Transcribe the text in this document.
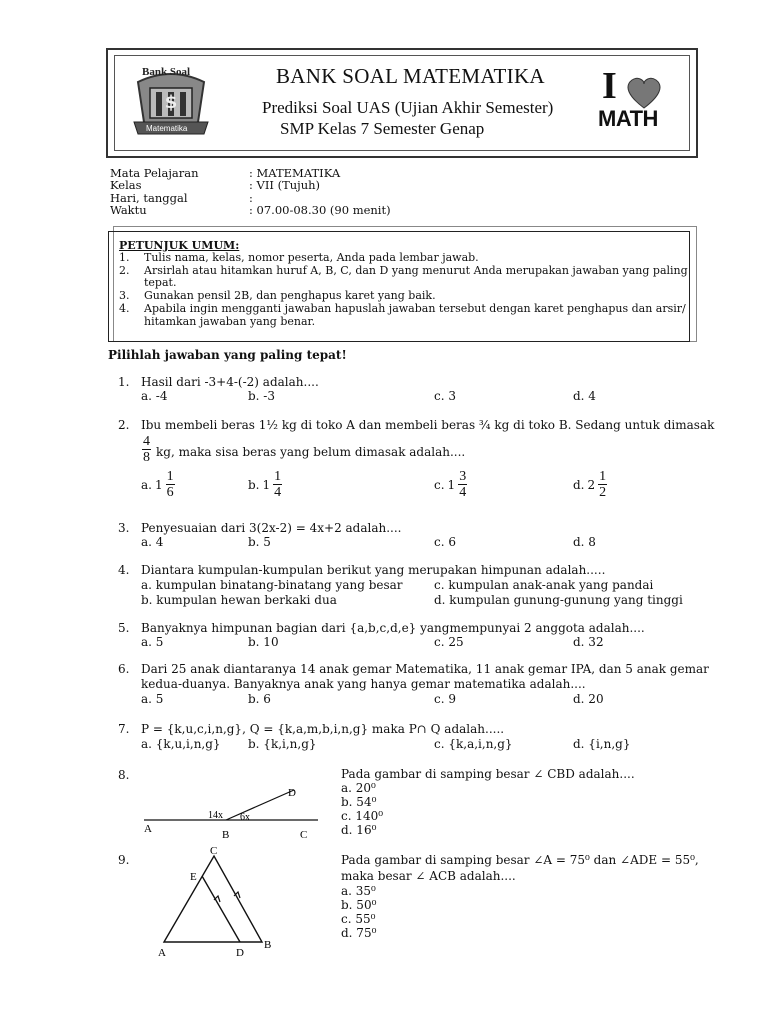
$
Bank Soal
Matematika
BANK SOAL MATEMATIKA
Prediksi Soal UAS (Ujian Akhir Semester)
SMP Kelas 7 Semester Genap
I
MATH
Mata Pelajaran	: MATEMATIKA
Kelas	: VII (Tujuh)
Hari, tanggal	:
Waktu	: 07.00-08.30 (90 menit)
PETUNJUK UMUM:
1. Tulis nama, kelas, nomor peserta, Anda pada lembar jawab.
2. Arsirlah atau hitamkan huruf A, B, C, dan D yang menurut Anda merupakan jawaban yang paling
tepat.
3. Gunakan pensil 2B, dan penghapus karet yang baik.
4. Apabila ingin mengganti jawaban hapuslah jawaban tersebut dengan karet penghapus dan arsir/
hitamkan jawaban yang benar.
Pilihlah jawaban yang paling tepat!
1. Hasil dari -3+4-(-2) adalah....
a. -4	b. -3	c. 3	d. 4
2. Ibu membeli beras 1½ kg di toko A dan membeli beras ¾ kg di toko B. Sedang untuk dimasak
$\frac{4}{8}$ kg, maka sisa beras yang belum dimasak adalah....
a. $1 \frac{1}{6}$	b. $1 \frac{1}{4}$	c. $1 \frac{3}{4}$	d. $2 \frac{1}{2}$
3. Penyesuaian dari 3(2x-2) = 4x+2 adalah....
a. 4	b. 5	c. 6	d. 8
4. Diantara kumpulan-kumpulan berikut yang merupakan himpunan adalah.....
a. kumpulan binatang-binatang yang besar
b. kumpulan hewan berkaki dua
c. kumpulan anak-anak yang pandai
d. kumpulan gunung-gunung yang tinggi
5. Banyaknya himpunan bagian dari {a,b,c,d,e} yangmempunyai 2 anggota adalah....
a. 5	b. 10	c. 25	d. 32
6. Dari 25 anak diantaranya 14 anak gemar Matematika, 11 anak gemar IPA, dan 5 anak gemar
kedua-duanya. Banyaknya anak yang hanya gemar matematika adalah....
a. 5	b. 6	c. 9	d. 20
7. P = {k,u,c,i,n,g}, Q = {k,a,m,b,i,n,g} maka P∩ Q adalah.....
a. {k,u,i,n,g} b. {k,i,n,g}	c. {k,a,i,n,g}	d. {i,n,g}
8.
D
A	B	C
14x 6x
Pada gambar di samping besar ∠ CBD adalah....
a. 20⁰
b. 54⁰
c. 140⁰
d. 16⁰
9.
C
E
A	D
B
Pada gambar di samping besar ∠A = 75⁰ dan ∠ADE = 55⁰,
maka besar ∠ ACB adalah....
a. 35⁰
b. 50⁰
c. 55⁰
d. 75⁰
